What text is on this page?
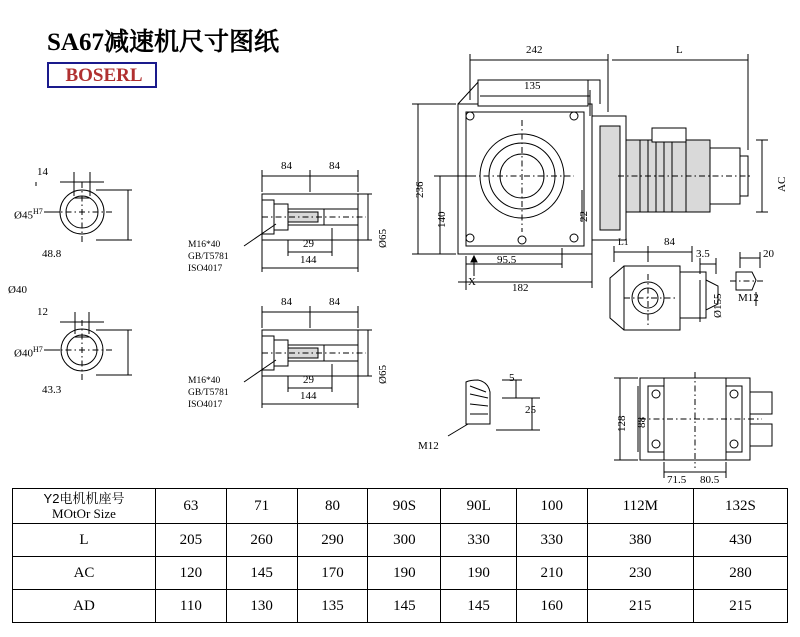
SA67减速机尺寸图纸
BOSERL
14
$Ø45^{H7}$
48.8
Ø40
12
$Ø40^{H7}$
43.3
84	84
29
144
Ø65
M16*40
GB/T5781
ISO4017
84	84
29
144
Ø65
M16*40
GB/T5781
ISO4017
242	L
135
236
140	22
AC
95.5
182
X
L1	84
3.5
Ø155
20
M12
128 88
71.5 80.5
5
25
M12
Y2电机机座号
MOtOr Size	63	71	80	90S	90L	100	112M	132S
L	205	260	290	300	330	330	380	430
AC	120	145	170	190	190	210	230	280
AD	110	130	135	145	145	160	215	215
